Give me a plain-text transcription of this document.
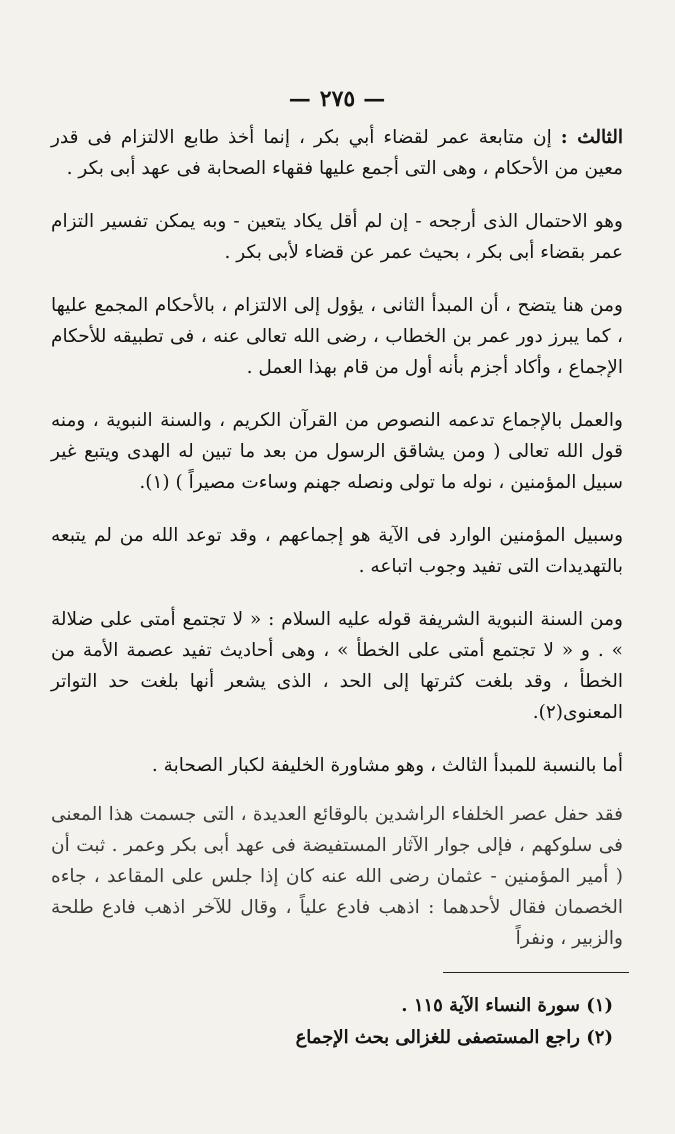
—٢٧٥—

الثالث : إن متابعة عمر لقضاء أبي بكر ، إنما أخذ طابع الالتزام فى قدر معين من الأحكام ، وهى التى أجمع عليها فقهاء الصحابة فى عهد أبى بكر .

وهو الاحتمال الذى أرجحه - إن لم أقل يكاد يتعين - وبه يمكن تفسير التزام عمر بقضاء أبى بكر ، بحيث عمر عن قضاء لأبى بكر .

ومن هنا يتضح ، أن المبدأ الثانى ، يؤول إلى الالتزام ، بالأحكام المجمع عليها ، كما يبرز دور عمر بن الخطاب ، رضى الله تعالى عنه ، فى تطبيقه للأحكام الإجماع ، وأكاد أجزم بأنه أول من قام بهذا العمل .

والعمل بالإجماع تدعمه النصوص من القرآن الكريم ، والسنة النبوية ، ومنه قول الله تعالى ( ومن يشاقق الرسول من بعد ما تبين له الهدى ويتبع غير سبيل المؤمنين ، نوله ما تولى ونصله جهنم وساءت مصيراً ) (١).

وسبيل المؤمنين الوارد فى الآية هو إجماعهم ، وقد توعد الله من لم يتبعه بالتهديدات التى تفيد وجوب اتباعه .

ومن السنة النبوية الشريفة قوله عليه السلام : « لا تجتمع أمتى على ضلالة » . و « لا تجتمع أمتى على الخطأ » ، وهى أحاديث تفيد عصمة الأمة من الخطأ ، وقد بلغت كثرتها إلى الحد ، الذى يشعر أنها بلغت حد التواتر المعنوى(٢).

أما بالنسبة للمبدأ الثالث ، وهو مشاورة الخليفة لكبار الصحابة .

فقد حفل عصر الخلفاء الراشدين بالوقائع العديدة ، التى جسمت هذا المعنى فى سلوكهم ، فإلى جوار الآثار المستفيضة فى عهد أبى بكر وعمر . ثبت أن ( أمير المؤمنين - عثمان رضى الله عنه كان إذا جلس على المقاعد ، جاءه الخصمان فقال لأحدهما : اذهب فادع علياً ، وقال للآخر اذهب فادع طلحة والزبير ، ونفراً

(١) سورة النساء الآية ١١٥ .

(٢) راجع المستصفى للغزالى بحث الإجماع
